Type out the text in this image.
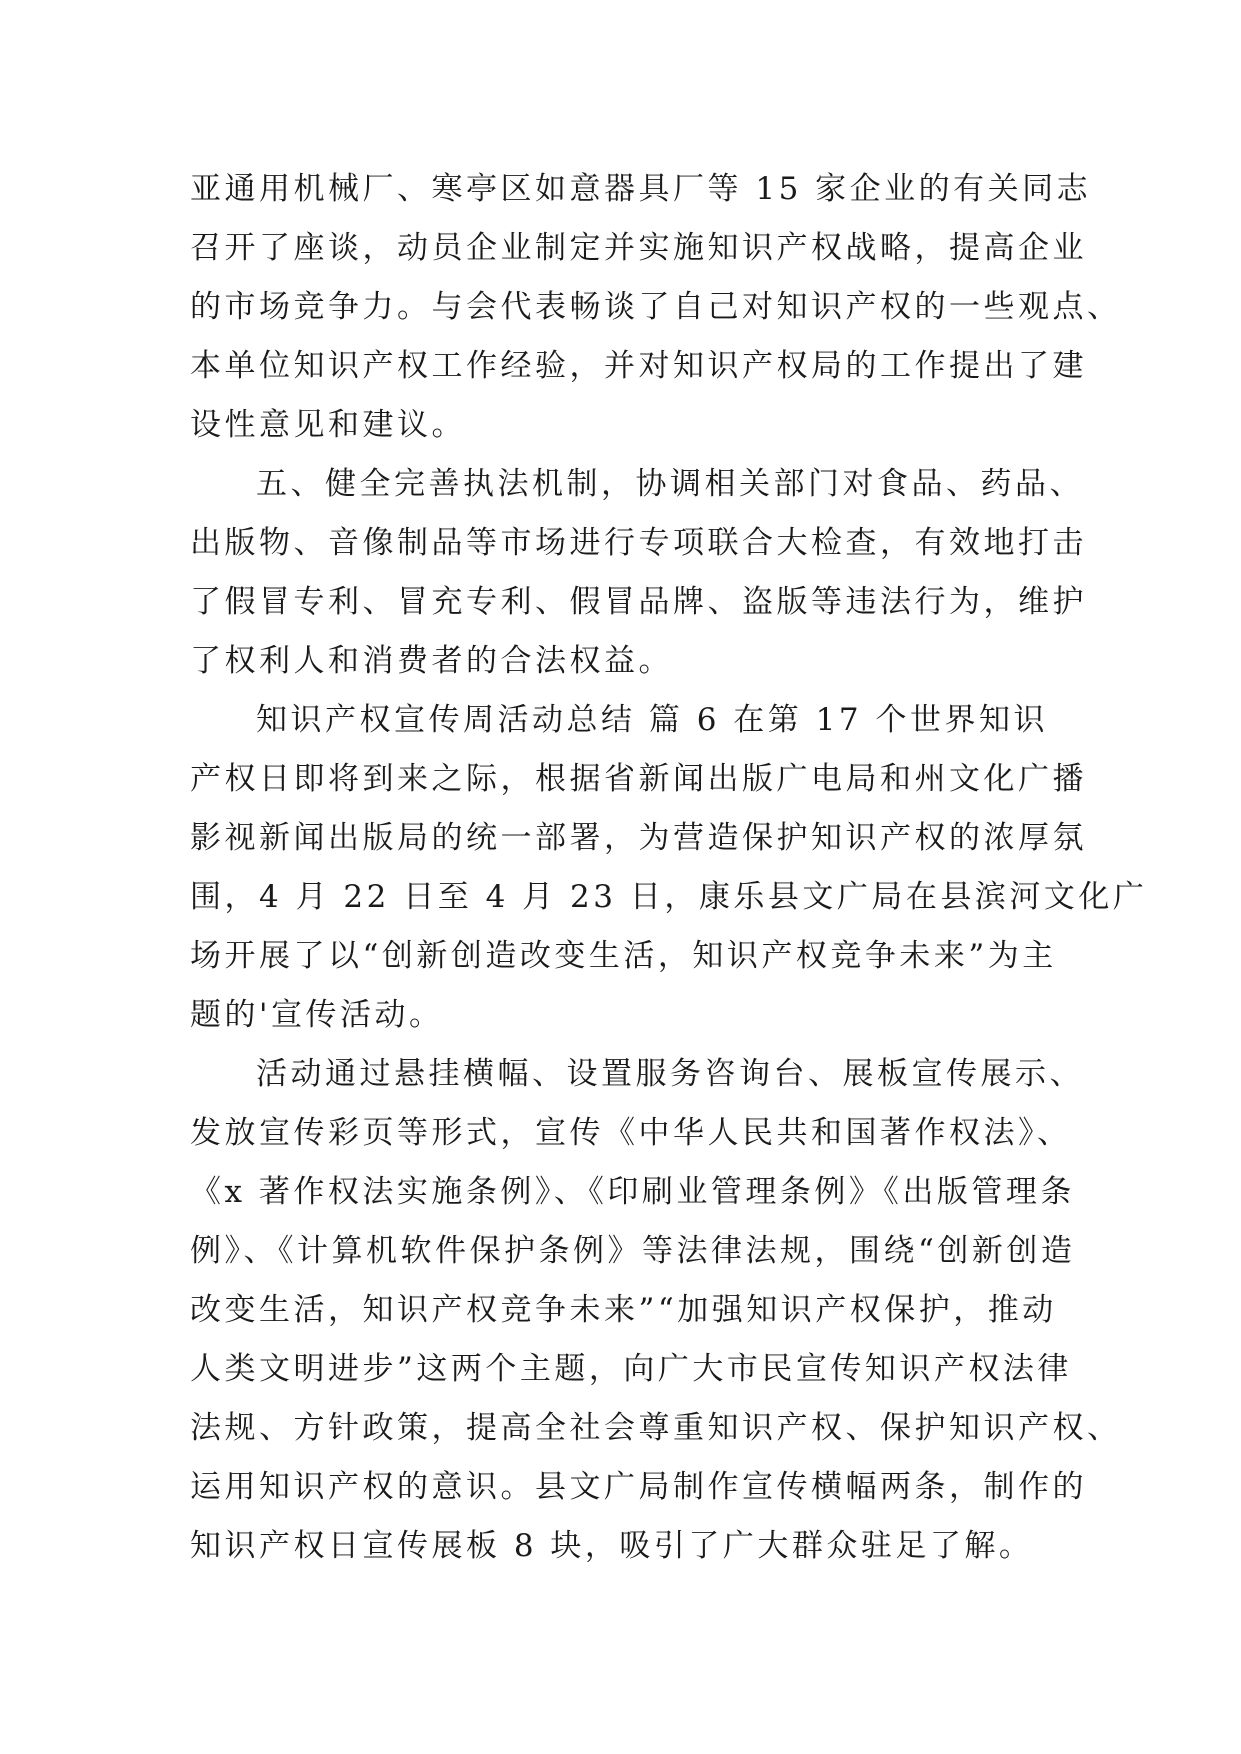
亚通用机械厂、寒亭区如意器具厂等 15 家企业的有关同志
召开了座谈，动员企业制定并实施知识产权战略，提高企业
的市场竞争力。与会代表畅谈了自己对知识产权的一些观点、
本单位知识产权工作经验，并对知识产权局的工作提出了建
设性意见和建议。
五、健全完善执法机制，协调相关部门对食品、药品、
出版物、音像制品等市场进行专项联合大检查，有效地打击
了假冒专利、冒充专利、假冒品牌、盗版等违法行为，维护
了权利人和消费者的合法权益。
知识产权宣传周活动总结 篇 6 在第 17 个世界知识
产权日即将到来之际，根据省新闻出版广电局和州文化广播
影视新闻出版局的统一部署，为营造保护知识产权的浓厚氛
围，4 月 22 日至 4 月 23 日，康乐县文广局在县滨河文化广
场开展了以“创新创造改变生活，知识产权竞争未来”为主
题的'宣传活动。
活动通过悬挂横幅、设置服务咨询台、展板宣传展示、
发放宣传彩页等形式，宣传《中华人民共和国著作权法》、
《x 著作权法实施条例》、《印刷业管理条例》《出版管理条
例》、《计算机软件保护条例》等法律法规，围绕“创新创造
改变生活，知识产权竞争未来”“加强知识产权保护，推动
人类文明进步”这两个主题，向广大市民宣传知识产权法律
法规、方针政策，提高全社会尊重知识产权、保护知识产权、
运用知识产权的意识。县文广局制作宣传横幅两条，制作的
知识产权日宣传展板 8 块，吸引了广大群众驻足了解。
